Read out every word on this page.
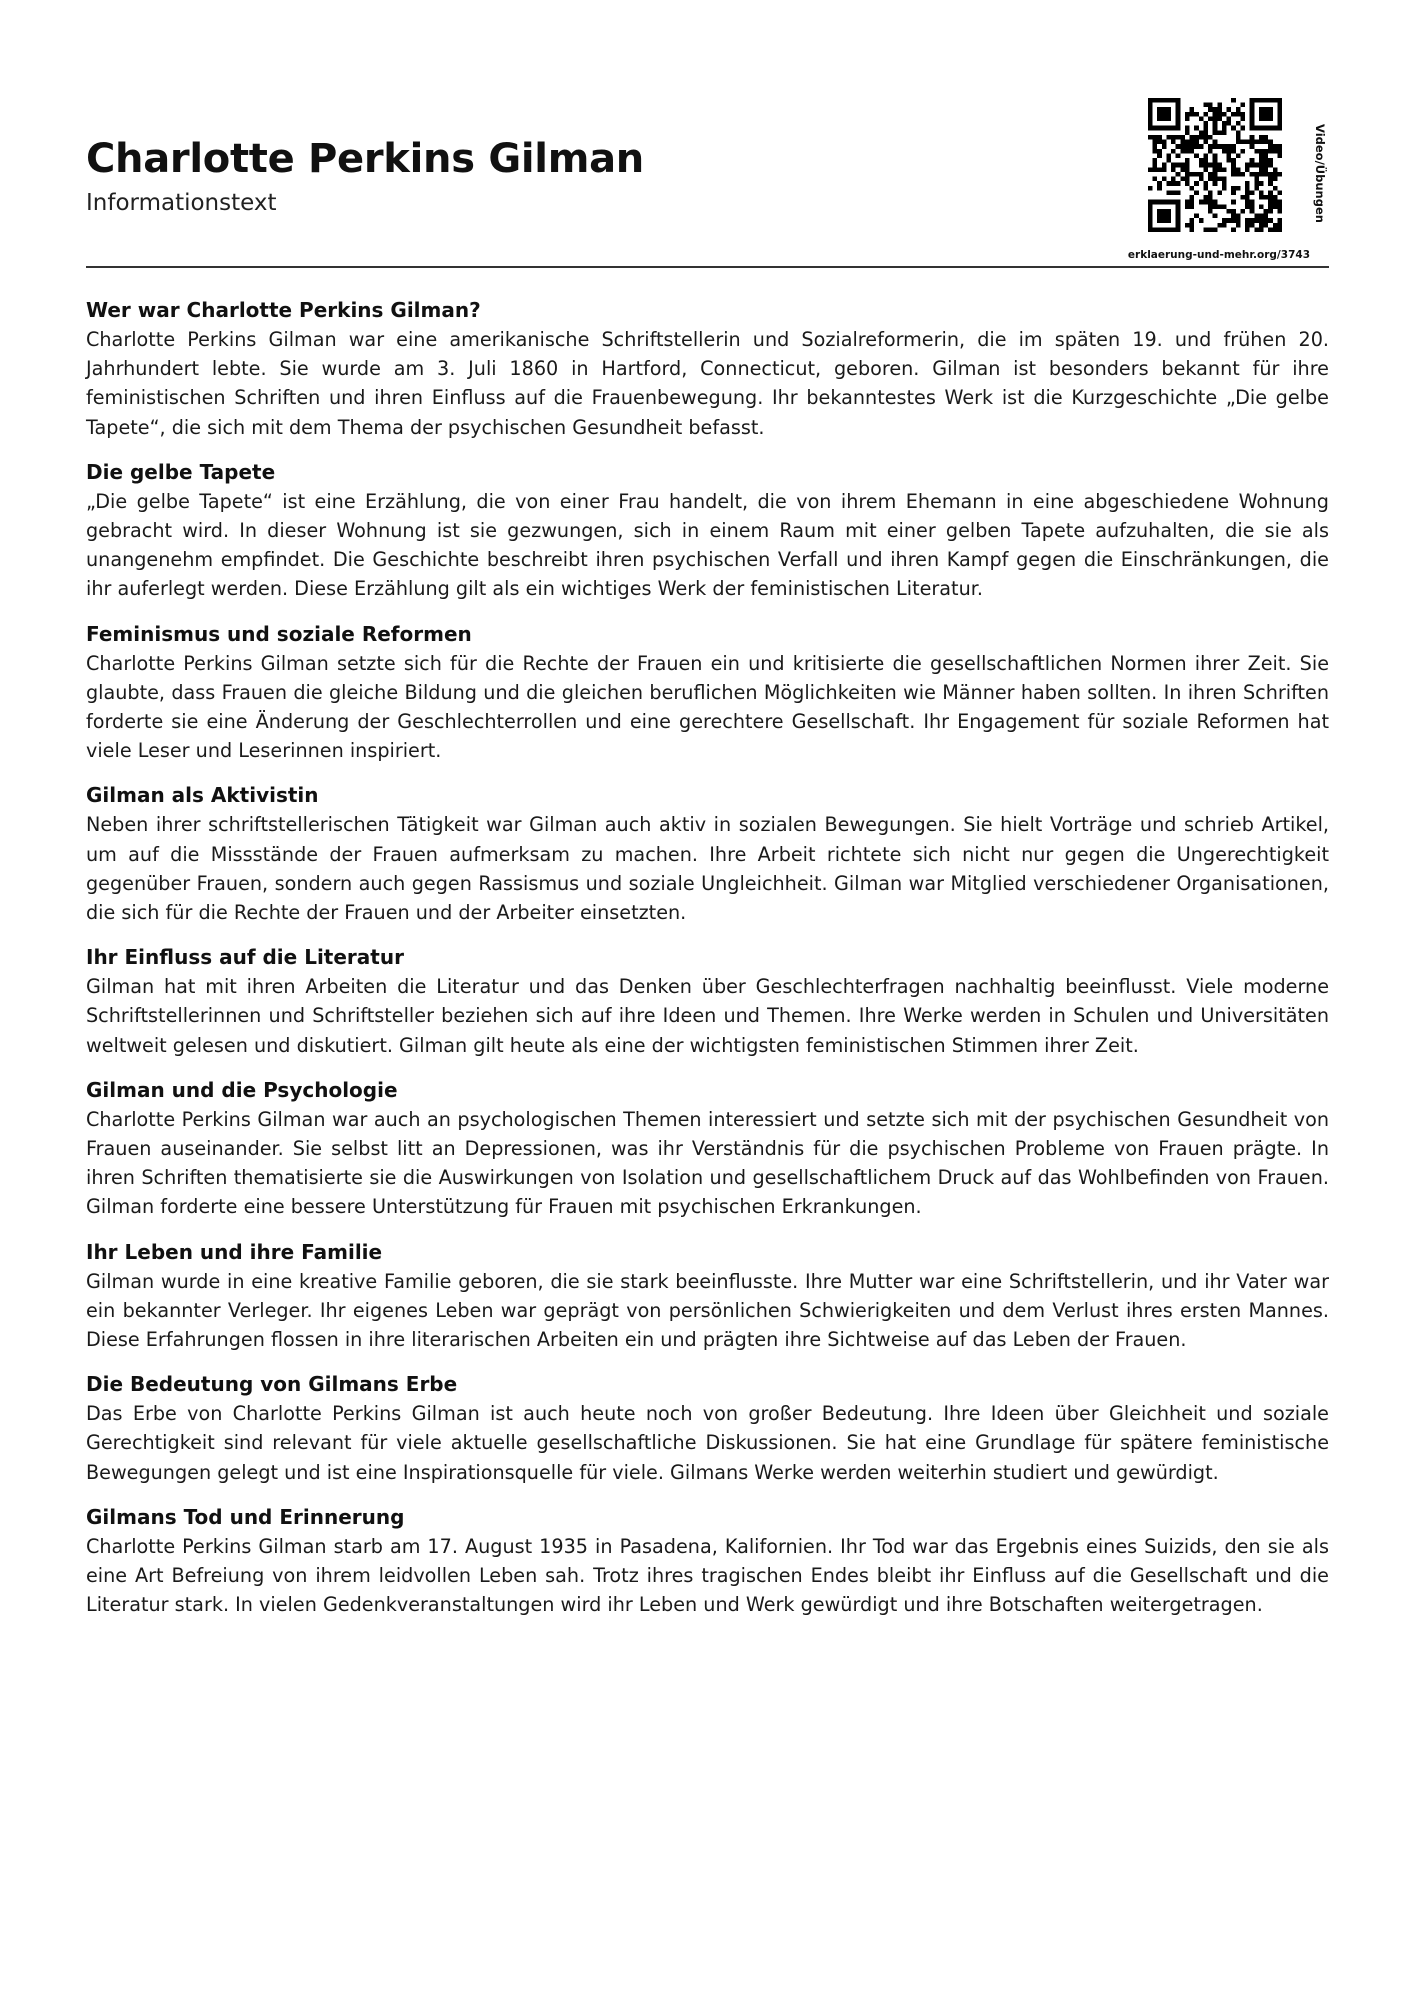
Charlotte Perkins Gilman

Informationstext	Video/Übungen
erklaerung-und-mehr.org/3743
Wer war Charlotte Perkins Gilman?

Charlotte Perkins Gilman war eine amerikanische Schriftstellerin und Sozialreformerin, die im späten 19. und frühen 20. Jahrhundert lebte. Sie wurde am 3. Juli 1860 in Hartford, Connecticut, geboren. Gilman ist besonders bekannt für ihre feministischen Schriften und ihren Einfluss auf die Frauenbewegung. Ihr bekanntestes Werk ist die Kurzgeschichte „Die gelbe Tapete“, die sich mit dem Thema der psychischen Gesundheit befasst.

Die gelbe Tapete

„Die gelbe Tapete“ ist eine Erzählung, die von einer Frau handelt, die von ihrem Ehemann in eine abgeschiedene Wohnung gebracht wird. In dieser Wohnung ist sie gezwungen, sich in einem Raum mit einer gelben Tapete aufzuhalten, die sie als unangenehm empfindet. Die Geschichte beschreibt ihren psychischen Verfall und ihren Kampf gegen die Einschränkungen, die ihr auferlegt werden. Diese Erzählung gilt als ein wichtiges Werk der feministischen Literatur.

Feminismus und soziale Reformen

Charlotte Perkins Gilman setzte sich für die Rechte der Frauen ein und kritisierte die gesellschaftlichen Normen ihrer Zeit. Sie glaubte, dass Frauen die gleiche Bildung und die gleichen beruflichen Möglichkeiten wie Männer haben sollten. In ihren Schriften forderte sie eine Änderung der Geschlechterrollen und eine gerechtere Gesellschaft. Ihr Engagement für soziale Reformen hat viele Leser und Leserinnen inspiriert.

Gilman als Aktivistin

Neben ihrer schriftstellerischen Tätigkeit war Gilman auch aktiv in sozialen Bewegungen. Sie hielt Vorträge und schrieb Artikel, um auf die Missstände der Frauen aufmerksam zu machen. Ihre Arbeit richtete sich nicht nur gegen die Ungerechtigkeit gegenüber Frauen, sondern auch gegen Rassismus und soziale Ungleichheit. Gilman war Mitglied verschiedener Organisationen, die sich für die Rechte der Frauen und der Arbeiter einsetzten.

Ihr Einfluss auf die Literatur

Gilman hat mit ihren Arbeiten die Literatur und das Denken über Geschlechterfragen nachhaltig beeinflusst. Viele moderne Schriftstellerinnen und Schriftsteller beziehen sich auf ihre Ideen und Themen. Ihre Werke werden in Schulen und Universitäten weltweit gelesen und diskutiert. Gilman gilt heute als eine der wichtigsten feministischen Stimmen ihrer Zeit.

Gilman und die Psychologie

Charlotte Perkins Gilman war auch an psychologischen Themen interessiert und setzte sich mit der psychischen Gesundheit von Frauen auseinander. Sie selbst litt an Depressionen, was ihr Verständnis für die psychischen Probleme von Frauen prägte. In ihren Schriften thematisierte sie die Auswirkungen von Isolation und gesellschaftlichem Druck auf das Wohlbefinden von Frauen. Gilman forderte eine bessere Unterstützung für Frauen mit psychischen Erkrankungen.

Ihr Leben und ihre Familie

Gilman wurde in eine kreative Familie geboren, die sie stark beeinflusste. Ihre Mutter war eine Schriftstellerin, und ihr Vater war ein bekannter Verleger. Ihr eigenes Leben war geprägt von persönlichen Schwierigkeiten und dem Verlust ihres ersten Mannes. Diese Erfahrungen flossen in ihre literarischen Arbeiten ein und prägten ihre Sichtweise auf das Leben der Frauen.

Die Bedeutung von Gilmans Erbe

Das Erbe von Charlotte Perkins Gilman ist auch heute noch von großer Bedeutung. Ihre Ideen über Gleichheit und soziale Gerechtigkeit sind relevant für viele aktuelle gesellschaftliche Diskussionen. Sie hat eine Grundlage für spätere feministische Bewegungen gelegt und ist eine Inspirationsquelle für viele. Gilmans Werke werden weiterhin studiert und gewürdigt.

Gilmans Tod und Erinnerung

Charlotte Perkins Gilman starb am 17. August 1935 in Pasadena, Kalifornien. Ihr Tod war das Ergebnis eines Suizids, den sie als eine Art Befreiung von ihrem leidvollen Leben sah. Trotz ihres tragischen Endes bleibt ihr Einfluss auf die Gesellschaft und die Literatur stark. In vielen Gedenkveranstaltungen wird ihr Leben und Werk gewürdigt und ihre Botschaften weitergetragen.
